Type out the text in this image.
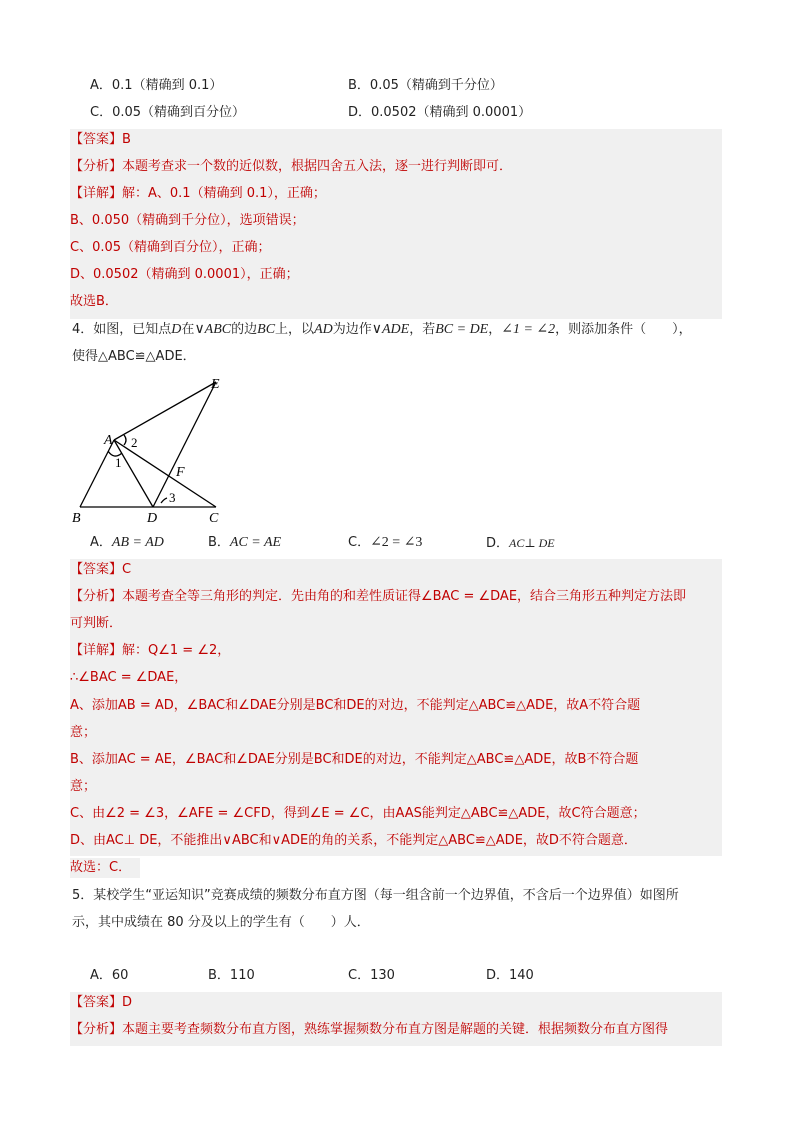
A．0.1（精确到 0.1）	B．0.05（精确到千分位）
C．0.05（精确到百分位）	D．0.0502（精确到 0.0001）
【答案】B
【分析】本题考查求一个数的近似数，根据四舍五入法，逐一进行判断即可．
【详解】解：A、0.1（精确到 0.1），正确；
B、0.050（精确到千分位），选项错误；
C、0.05（精确到百分位），正确；
D、0.0502（精确到 0.0001），正确；
故选B．
4．如图，已知点D在∨ABC的边BC上，以AD为边作∨ADE，若BC = DE，∠1 = ∠2，则添加条件（　　），
使得△ABC≌△ADE．
A
B	C
D
E
F
1
2
3
A．AB = AD	B．AC = AE	C．∠2 = ∠3	D．AC⊥ DE
【答案】C
【分析】本题考查全等三角形的判定．先由角的和差性质证得∠BAC = ∠DAE，结合三角形五种判定方法即
可判断．
【详解】解：Q∠1 = ∠2，
∴∠BAC = ∠DAE，
A、添加AB = AD，∠BAC和∠DAE分别是BC和DE的对边，不能判定△ABC≌△ADE，故A不符合题
意；
B、添加AC = AE，∠BAC和∠DAE分别是BC和DE的对边，不能判定△ABC≌△ADE，故B不符合题
意；
C、由∠2 = ∠3，∠AFE = ∠CFD，得到∠E = ∠C，由AAS能判定△ABC≌△ADE，故C符合题意；
D、由AC⊥ DE，不能推出∨ABC和∨ADE的角的关系，不能判定△ABC≌△ADE，故D不符合题意．
故选：C．
5．某校学生“亚运知识”竞赛成绩的频数分布直方图（每一组含前一个边界值，不含后一个边界值）如图所
示，其中成绩在 80 分及以上的学生有（　　）人．
A．60	B．110	C．130	D．140
【答案】D
【分析】本题主要考查频数分布直方图，熟练掌握频数分布直方图是解题的关键．根据频数分布直方图得
